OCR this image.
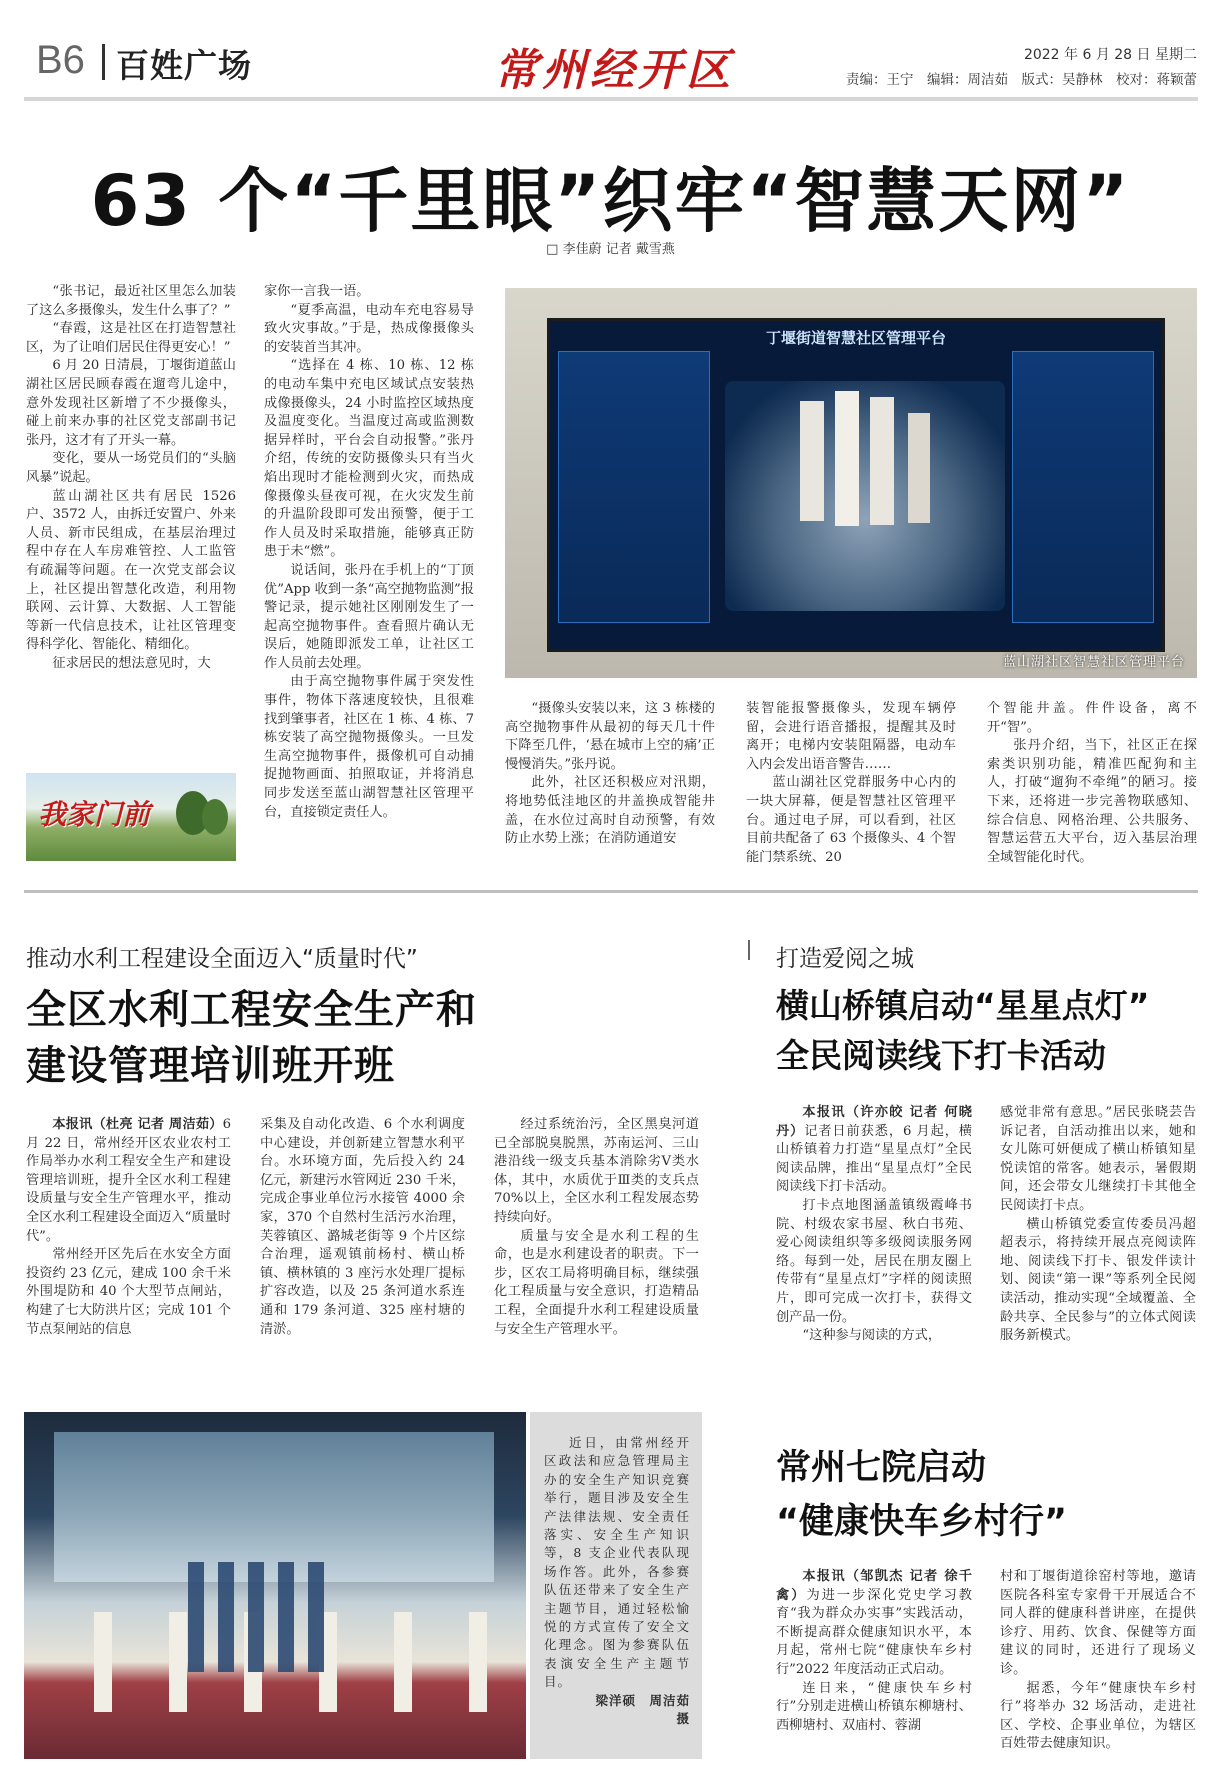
B6 百姓广场	常州经开区	2022 年 6 月 28 日 星期二
责编：王宁　编辑：周洁茹　版式：吴静林　校对：蒋颖蕾
63 个“千里眼”织牢“智慧天网”
□ 李佳蔚 记者 戴雪燕

“张书记，最近社区里怎么加装了这么多摄像头，发生什么事了？”

“春霞，这是社区在打造智慧社区，为了让咱们居民住得更安心！”

6 月 20 日清晨，丁堰街道蓝山湖社区居民顾春霞在遛弯儿途中，意外发现社区新增了不少摄像头，碰上前来办事的社区党支部副书记张丹，这才有了开头一幕。

变化，要从一场党员们的“头脑风暴”说起。

蓝山湖社区共有居民 1526 户、3572 人，由拆迁安置户、外来人员、新市民组成，在基层治理过程中存在人车房难管控、人工监管有疏漏等问题。在一次党支部会议上，社区提出智慧化改造，利用物联网、云计算、大数据、人工智能等新一代信息技术，让社区管理变得科学化、智能化、精细化。

征求居民的想法意见时，大

我家门前

家你一言我一语。

“夏季高温，电动车充电容易导致火灾事故。”于是，热成像摄像头的安装首当其冲。

“选择在 4 栋、10 栋、12 栋的电动车集中充电区域试点安装热成像摄像头，24 小时监控区域热度及温度变化。当温度过高或监测数据异样时，平台会自动报警。”张丹介绍，传统的安防摄像头只有当火焰出现时才能检测到火灾，而热成像摄像头昼夜可视，在火灾发生前的升温阶段即可发出预警，便于工作人员及时采取措施，能够真正防患于未“燃”。

说话间，张丹在手机上的“丁顶优”App 收到一条“高空抛物监测”报警记录，提示她社区刚刚发生了一起高空抛物事件。查看照片确认无误后，她随即派发工单，让社区工作人员前去处理。

由于高空抛物事件属于突发性事件，物体下落速度较快，且很难找到肇事者，社区在 1 栋、4 栋、7 栋安装了高空抛物摄像头。一旦发生高空抛物事件，摄像机可自动捕捉抛物画面、拍照取证，并将消息同步发送至蓝山湖智慧社区管理平台，直接锁定责任人。

丁堰街道智慧社区管理平台
蓝山湖社区智慧社区管理平台

“摄像头安装以来，这 3 栋楼的高空抛物事件从最初的每天几十件下降至几件，‘悬在城市上空的痛’正慢慢消失。”张丹说。

此外，社区还积极应对汛期，将地势低洼地区的井盖换成智能井盖，在水位过高时自动预警，有效防止水势上涨；在消防通道安

装智能报警摄像头，发现车辆停留，会进行语音播报，提醒其及时离开；电梯内安装阻隔器，电动车入内会发出语音警告……

蓝山湖社区党群服务中心内的一块大屏幕，便是智慧社区管理平台。通过电子屏，可以看到，社区目前共配备了 63 个摄像头、4 个智能门禁系统、20

个智能井盖。件件设备，离不开“智”。

张丹介绍，当下，社区正在探索类识别功能，精准匹配狗和主人，打破“遛狗不牵绳”的陋习。接下来，还将进一步完善物联感知、综合信息、网格治理、公共服务、智慧运营五大平台，迈入基层治理全域智能化时代。

推动水利工程建设全面迈入“质量时代”
全区水利工程安全生产和
建设管理培训班开班

本报讯（杜亮 记者 周洁茹）6 月 22 日，常州经开区农业农村工作局举办水利工程安全生产和建设管理培训班，提升全区水利工程建设质量与安全生产管理水平，推动全区水利工程建设全面迈入“质量时代”。

常州经开区先后在水安全方面投资约 23 亿元，建成 100 余千米外围堤防和 40 个大型节点闸站，构建了七大防洪片区；完成 101 个节点泵闸站的信息

采集及自动化改造、6 个水利调度中心建设，并创新建立智慧水利平台。水环境方面，先后投入约 24 亿元，新建污水管网近 230 千米，完成企事业单位污水接管 4000 余家，370 个自然村生活污水治理，芙蓉镇区、潞城老街等 9 个片区综合治理，遥观镇前杨村、横山桥镇、横林镇的 3 座污水处理厂提标扩容改造，以及 25 条河道水系连通和 179 条河道、325 座村塘的清淤。

经过系统治污，全区黑臭河道已全部脱臭脱黑，苏南运河、三山港沿线一级支兵基本消除劣Ⅴ类水体，其中，水质优于Ⅲ类的支兵点 70%以上，全区水利工程发展态势持续向好。

质量与安全是水利工程的生命，也是水利建设者的职责。下一步，区农工局将明确目标，继续强化工程质量与安全意识，打造精品工程，全面提升水利工程建设质量与安全生产管理水平。

近日，由常州经开区政法和应急管理局主办的安全生产知识竞赛举行，题目涉及安全生产法律法规、安全责任落实、安全生产知识等，8 支企业代表队现场作答。此外，各参赛队伍还带来了安全生产主题节目，通过轻松愉悦的方式宣传了安全文化理念。图为参赛队伍表演安全生产主题节目。

梁洋硕　周洁茹　摄

打造爱阅之城
横山桥镇启动“星星点灯”
全民阅读线下打卡活动

本报讯（许亦皎 记者 何晓丹）记者日前获悉，6 月起，横山桥镇着力打造“星星点灯”全民阅读品牌，推出“星星点灯”全民阅读线下打卡活动。

打卡点地图涵盖镇级霞峰书院、村级农家书屋、秋白书苑、爱心阅读组织等多级阅读服务网络。每到一处，居民在朋友圈上传带有“星星点灯”字样的阅读照片，即可完成一次打卡，获得文创产品一份。

“这种参与阅读的方式，

感觉非常有意思。”居民张晓芸告诉记者，自活动推出以来，她和女儿陈可妍便成了横山桥镇知星悦读馆的常客。她表示，暑假期间，还会带女儿继续打卡其他全民阅读打卡点。

横山桥镇党委宣传委员冯超超表示，将持续开展点亮阅读阵地、阅读线下打卡、银发伴读计划、阅读“第一课”等系列全民阅读活动，推动实现“全域覆盖、全龄共享、全民参与”的立体式阅读服务新模式。

常州七院启动
“健康快车乡村行”

本报讯（邹凯杰 记者 徐千禽）为进一步深化党史学习教育“我为群众办实事”实践活动，不断提高群众健康知识水平，本月起，常州七院“健康快车乡村行”2022 年度活动正式启动。

连日来，“健康快车乡村行”分别走进横山桥镇东柳塘村、西柳塘村、双庙村、蓉湖

村和丁堰街道徐窑村等地，邀请医院各科室专家骨干开展适合不同人群的健康科普讲座，在提供诊疗、用药、饮食、保健等方面建议的同时，还进行了现场义诊。

据悉，今年“健康快车乡村行”将举办 32 场活动，走进社区、学校、企事业单位，为辖区百姓带去健康知识。
